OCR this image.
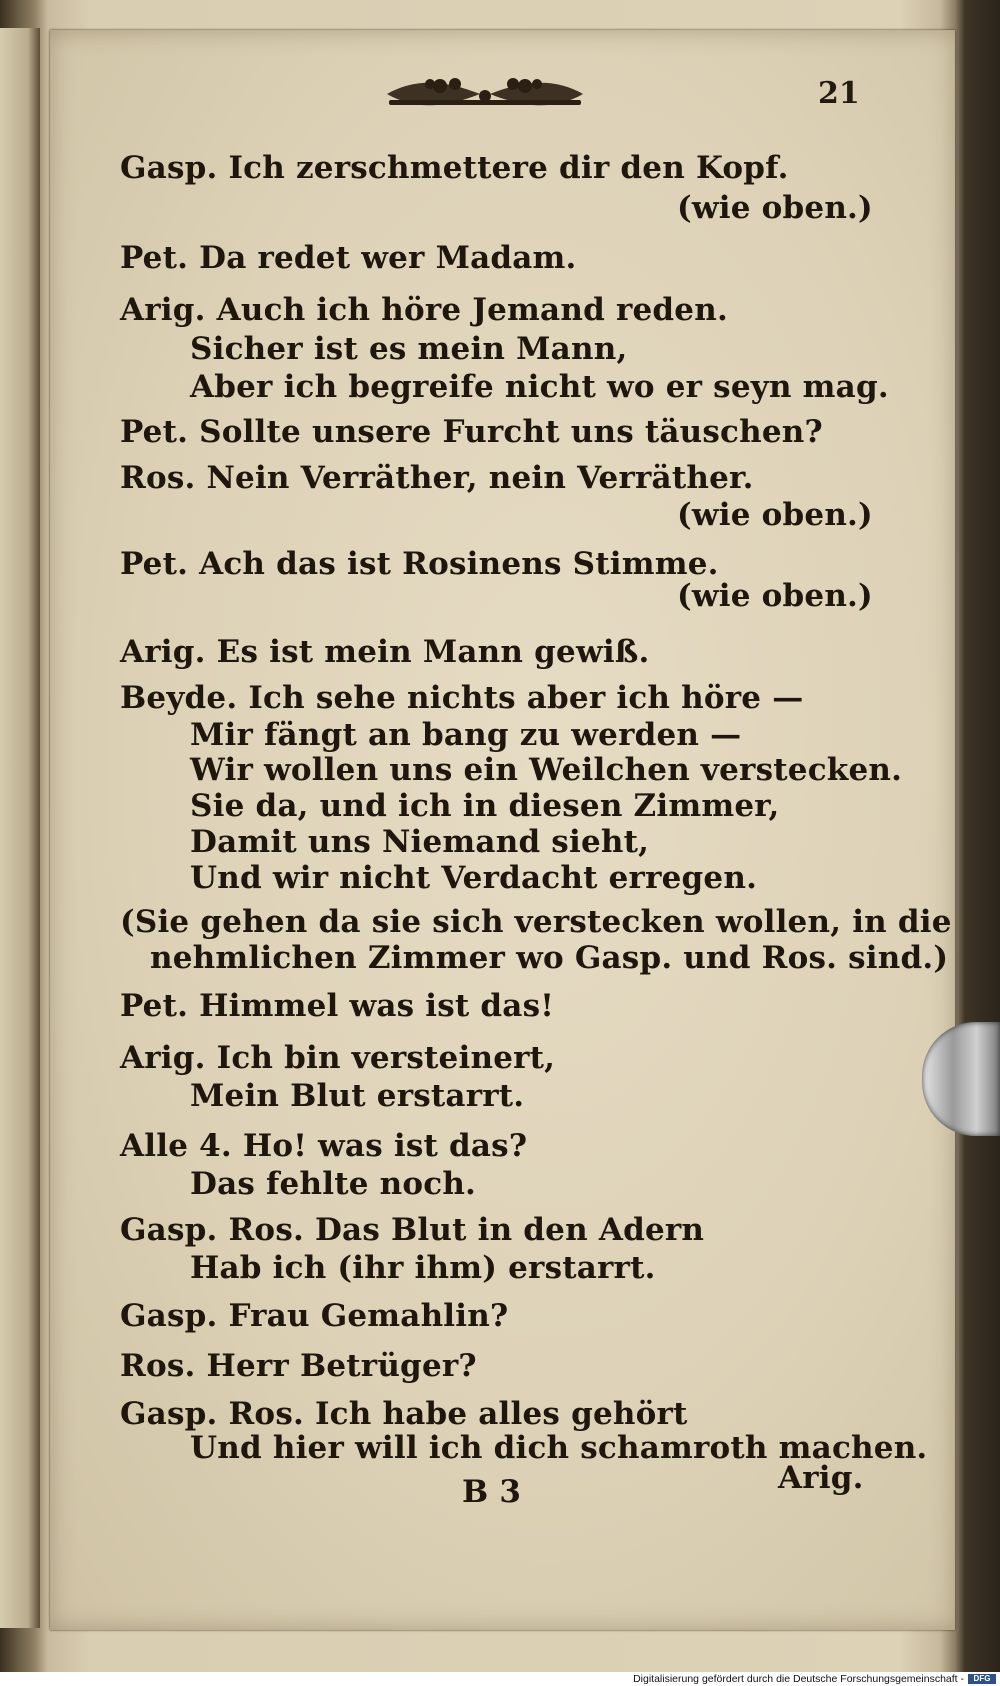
21
Gasp. Ich zerschmettere dir den Kopf.
(wie oben.)
Pet. Da redet wer Madam.
Arig. Auch ich höre Jemand reden.
Sicher ist es mein Mann,
Aber ich begreife nicht wo er seyn mag.
Pet. Sollte unsere Furcht uns täuschen?
Ros. Nein Verräther, nein Verräther.
(wie oben.)
Pet. Ach das ist Rosinens Stimme.
(wie oben.)
Arig. Es ist mein Mann gewiß.
Beyde. Ich sehe nichts aber ich höre —
Mir fängt an bang zu werden —
Wir wollen uns ein Weilchen verstecken.
Sie da, und ich in diesen Zimmer,
Damit uns Niemand sieht,
Und wir nicht Verdacht erregen.
(Sie gehen da sie sich verstecken wollen, in die
nehmlichen Zimmer wo Gasp. und Ros. sind.)
Pet. Himmel was ist das!
Arig. Ich bin versteinert,
Mein Blut erstarrt.
Alle 4. Ho! was ist das?
Das fehlte noch.
Gasp. Ros. Das Blut in den Adern
Hab ich (ihr ihm) erstarrt.
Gasp. Frau Gemahlin?
Ros. Herr Betrüger?
Gasp. Ros. Ich habe alles gehört
Und hier will ich dich schamroth machen.
B 3	Arig.
Digitalisierung gefördert durch die Deutsche Forschungsgemeinschaft -	DFG
